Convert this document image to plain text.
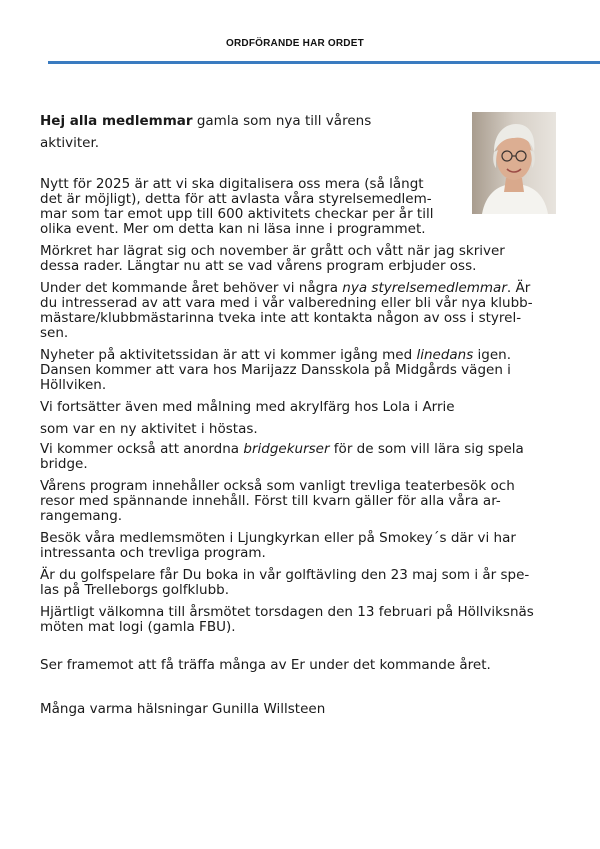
ORDFÖRANDE HAR ORDET

Hej alla medlemmar gamla som nya till vårens

aktiviter.

Nytt för 2025 är att vi ska digitalisera oss mera (så långt

det är möjligt), detta för att avlasta våra styrelsemedlem-

mar som tar emot upp till 600 aktivitets checkar per år till

olika event. Mer om detta kan ni läsa inne i programmet.

Mörkret har lägrat sig och november är grått och vått när jag skriver

dessa rader. Längtar nu att se vad vårens program erbjuder oss.

Under det kommande året behöver vi några nya styrelsemedlemmar. Är

du intresserad av att vara med i vår valberedning eller bli vår nya klubb-

mästare/klubbmästarinna tveka inte att kontakta någon av oss i styrel-

sen.

Nyheter på aktivitetssidan är att vi kommer igång med linedans igen.

Dansen kommer att vara hos Marijazz Dansskola på Midgårds vägen i

Höllviken.

Vi fortsätter även med målning med akrylfärg hos Lola i Arrie

som var en ny aktivitet i höstas.

Vi kommer också att anordna bridgekurser för de som vill lära sig spela

bridge.

Vårens program innehåller också som vanligt trevliga teaterbesök och

resor med spännande innehåll. Först till kvarn gäller för alla våra ar-

rangemang.

Besök våra medlemsmöten i Ljungkyrkan eller på Smokey´s där vi har

intressanta och trevliga program.

Är du golfspelare får Du boka in vår golftävling den 23 maj som i år spe-

las på Trelleborgs golfklubb.

Hjärtligt välkomna till årsmötet torsdagen den 13 februari på Höllviksnäs

möten mat logi (gamla FBU).

Ser framemot att få träffa många av Er under det kommande året.

Många varma hälsningar Gunilla Willsteen
